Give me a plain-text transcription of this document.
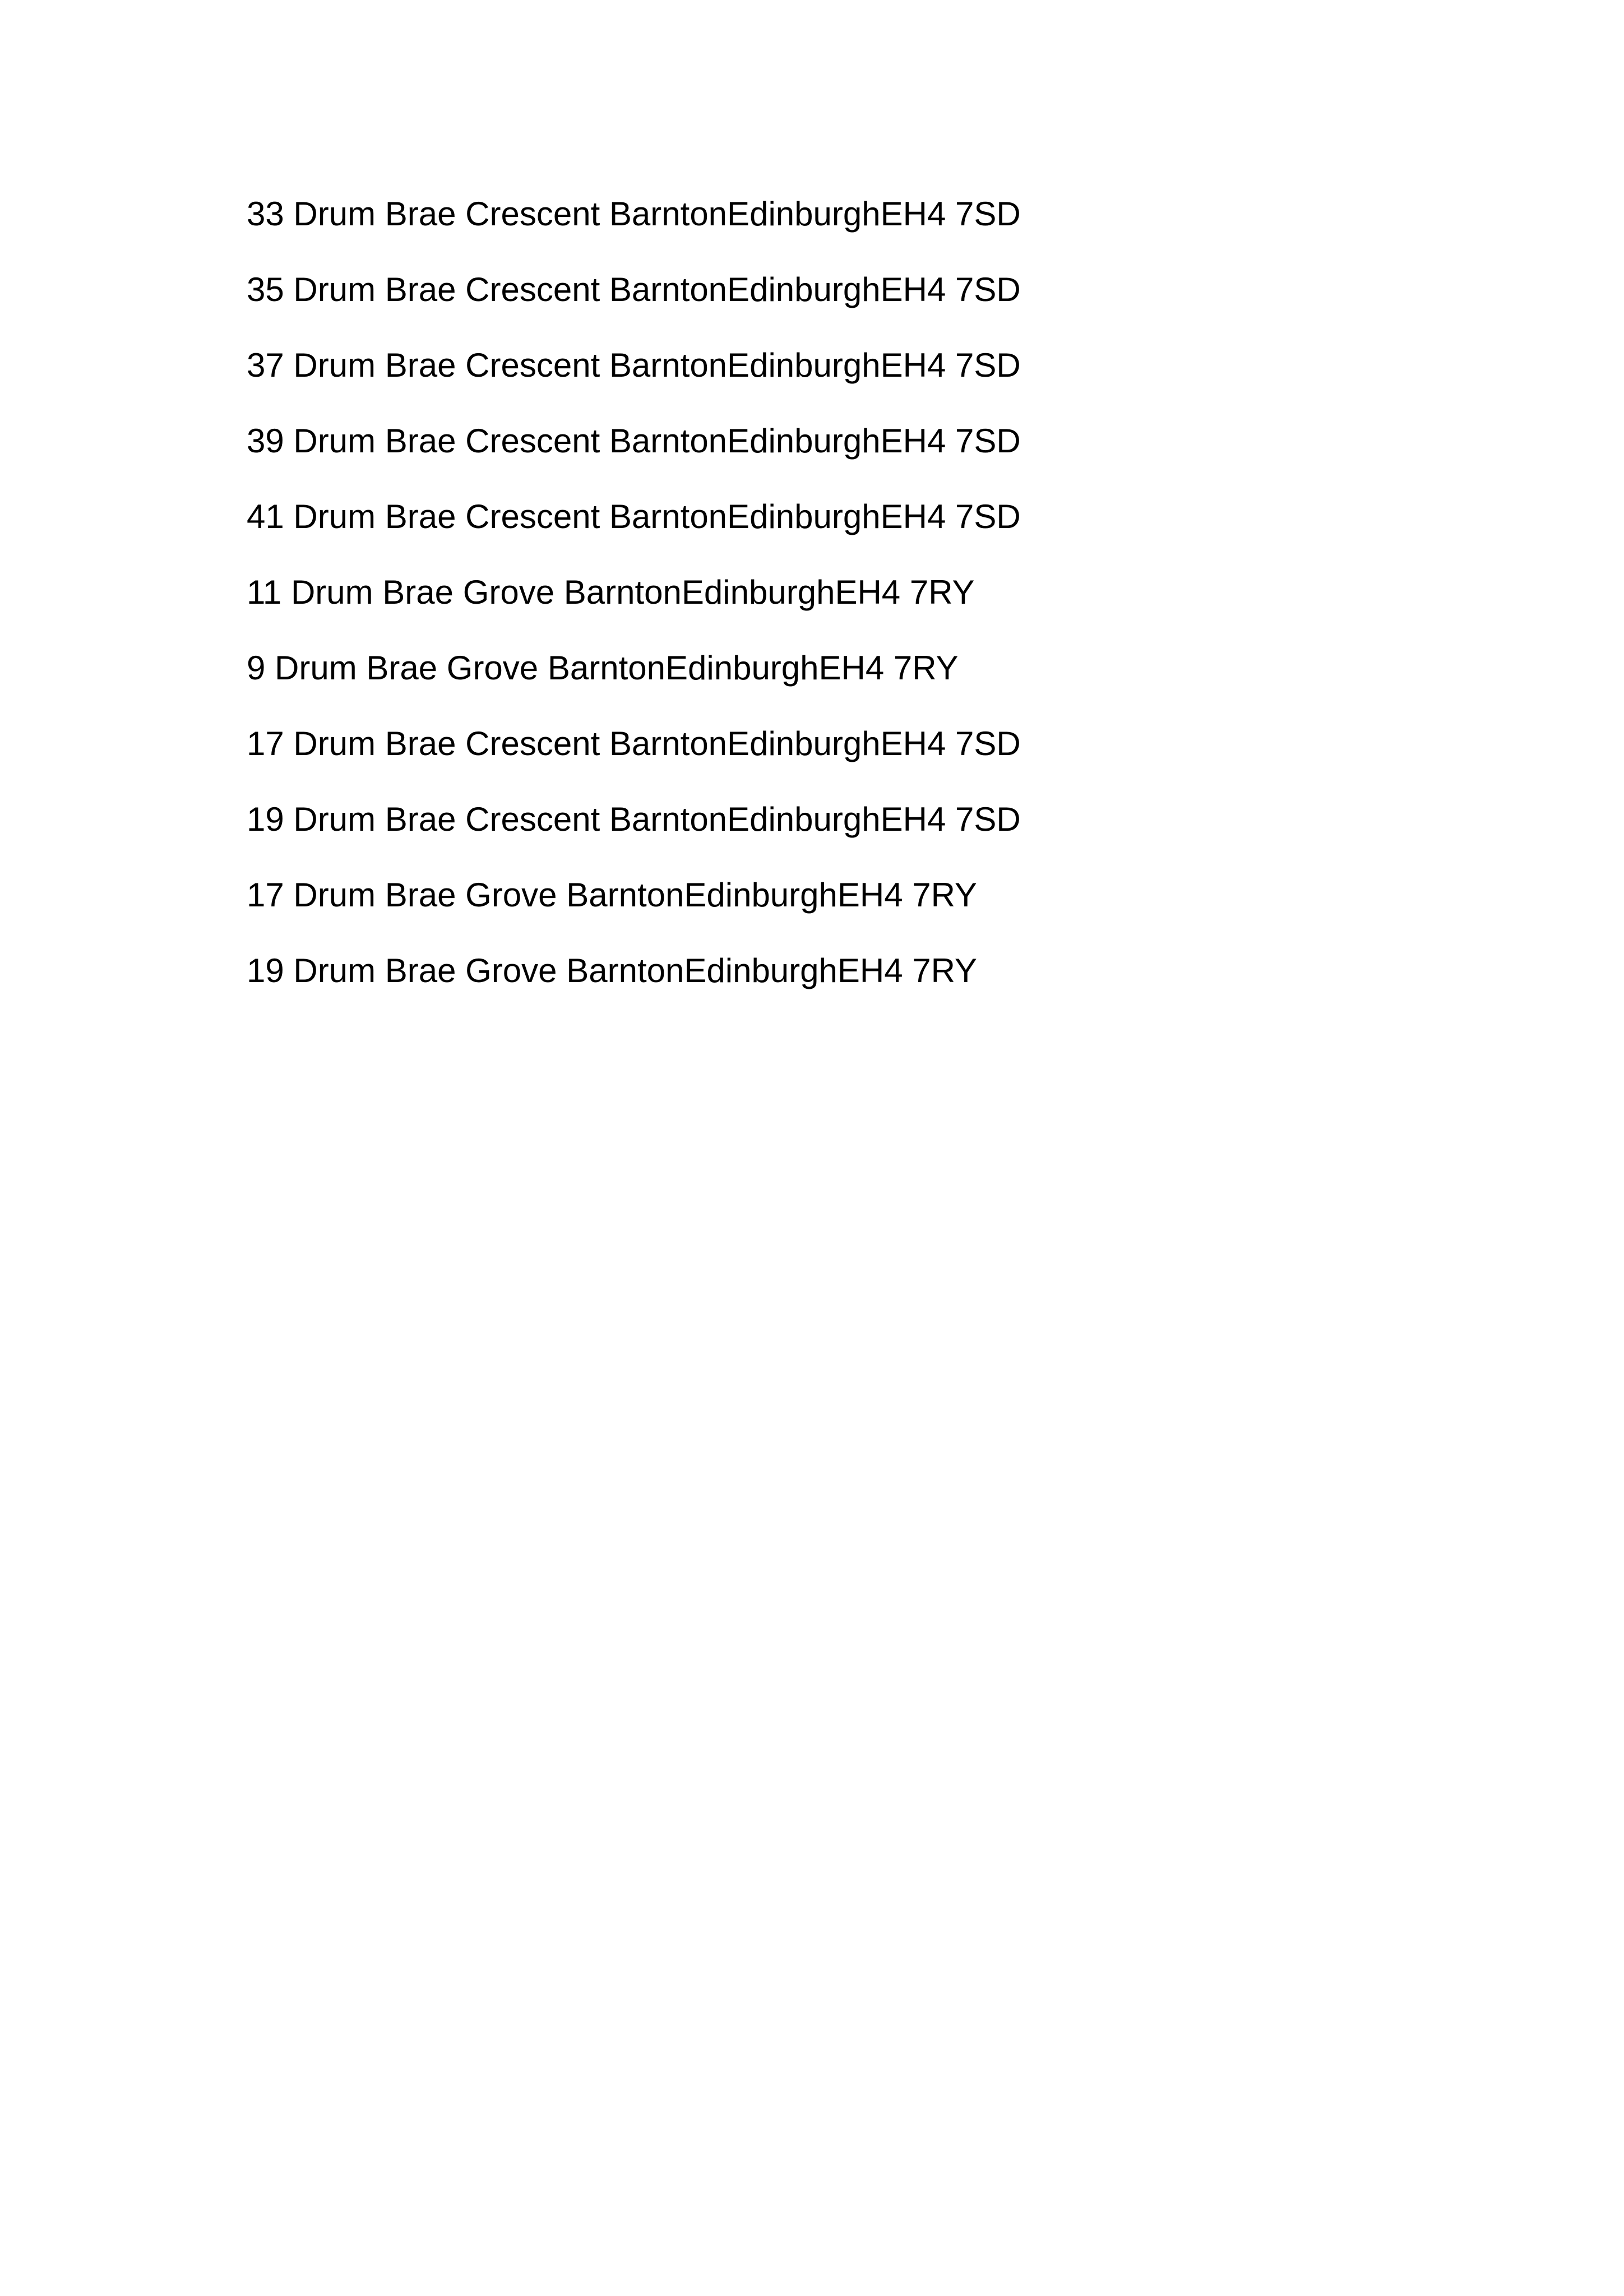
33 Drum Brae Crescent BarntonEdinburghEH4 7SD
35 Drum Brae Crescent BarntonEdinburghEH4 7SD
37 Drum Brae Crescent BarntonEdinburghEH4 7SD
39 Drum Brae Crescent BarntonEdinburghEH4 7SD
41 Drum Brae Crescent BarntonEdinburghEH4 7SD
11 Drum Brae Grove BarntonEdinburghEH4 7RY
9 Drum Brae Grove BarntonEdinburghEH4 7RY
17 Drum Brae Crescent BarntonEdinburghEH4 7SD
19 Drum Brae Crescent BarntonEdinburghEH4 7SD
17 Drum Brae Grove BarntonEdinburghEH4 7RY
19 Drum Brae Grove BarntonEdinburghEH4 7RY
